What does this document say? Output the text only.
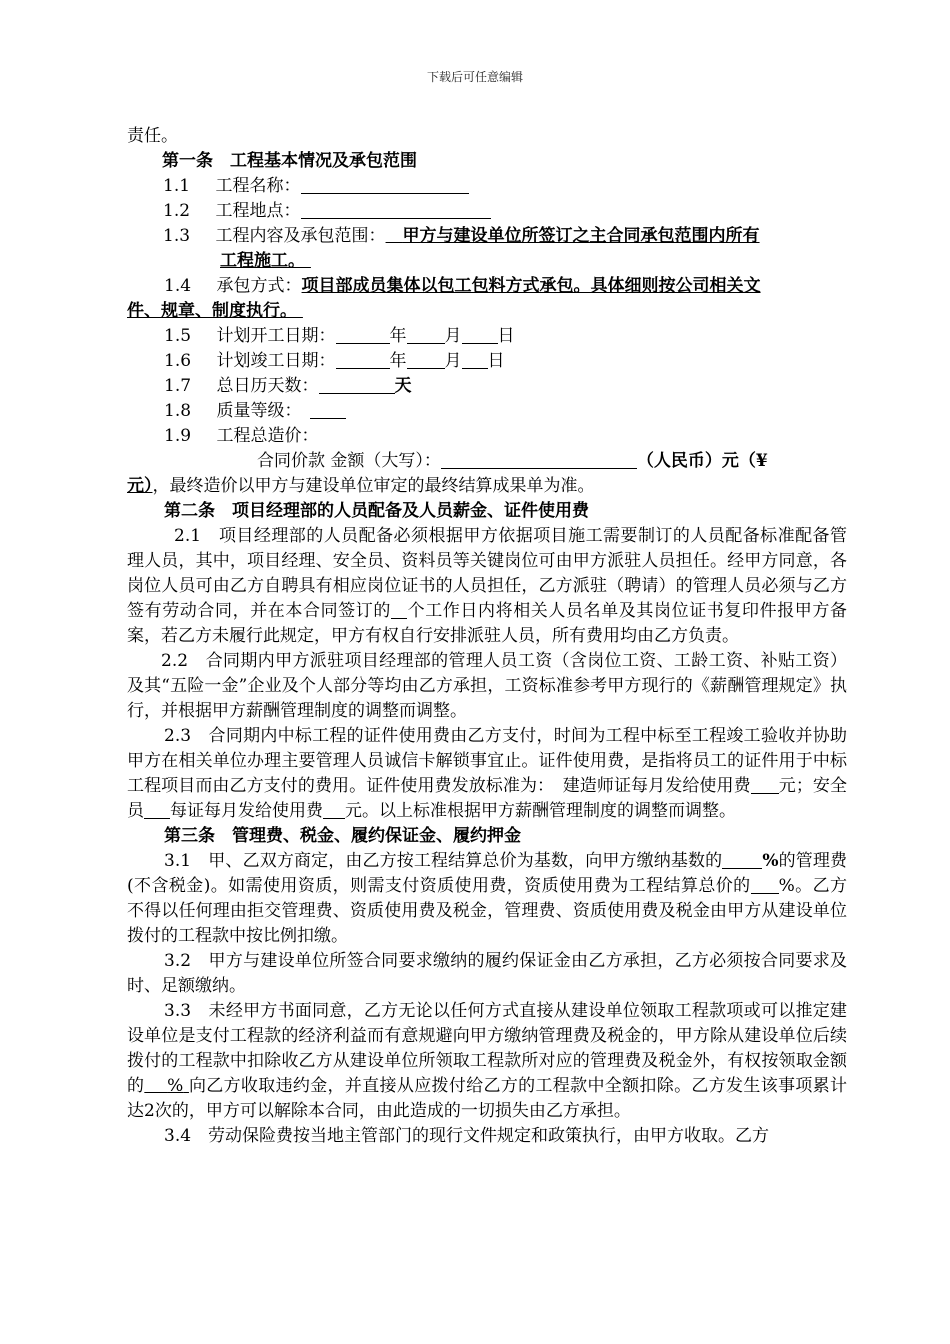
下载后可任意编辑
责任。
第一条　工程基本情况及承包范围
1.1   工程名称：
1.2   工程地点：
1.3   工程内容及承包范围：  甲方与建设单位所签订之主合同承包范围内所有
工程施工。
1.4   承包方式：项目部成员集体以包工包料方式承包。具体细则按公司相关文
件、规章、制度执行。
1.5   计划开工日期：	年 月 日
1.6   计划竣工日期：	年 月 日
1.7   总日历天数：	天
1.8   质量等级： 
1.9   工程总造价：
合同价款 金额（大写）：	（人民币）元（¥
元），最终造价以甲方与建设单位审定的最终结算成果单为准。
第二条　项目经理部的人员配备及人员薪金、证件使用费
2.1　项目经理部的人员配备必须根据甲方依据项目施工需要制订的人员配备标准配备管理人员，其中，项目经理、安全员、资料员等关键岗位可由甲方派驻人员担任。经甲方同意，各岗位人员可由乙方自聘具有相应岗位证书的人员担任，乙方派驻（聘请）的管理人员必须与乙方签有劳动合同，并在本合同签订的 个工作日内将相关人员名单及其岗位证书复印件报甲方备案，若乙方未履行此规定，甲方有权自行安排派驻人员，所有费用均由乙方负责。
2.2　合同期内甲方派驻项目经理部的管理人员工资（含岗位工资、工龄工资、补贴工资）及其“五险一金”企业及个人部分等均由乙方承担，工资标准参考甲方现行的《薪酬管理规定》执行，并根据甲方薪酬管理制度的调整而调整。
2.3　合同期内中标工程的证件使用费由乙方支付，时间为工程中标至工程竣工验收并协助甲方在相关单位办理主要管理人员诚信卡解锁事宜止。证件使用费，是指将员工的证件用于中标工程项目而由乙方支付的费用。证件使用费发放标准为：　建造师证每月发给使用费 元；安全员 每证每月发给使用费 元。以上标准根据甲方薪酬管理制度的调整而调整。
第三条　管理费、税金、履约保证金、履约押金
3.1　甲、乙双方商定，由乙方按工程结算总价为基数，向甲方缴纳基数的 %的管理费(不含税金)。如需使用资质，则需支付资质使用费，资质使用费为工程结算总价的 %。乙方不得以任何理由拒交管理费、资质使用费及税金，管理费、资质使用费及税金由甲方从建设单位拨付的工程款中按比例扣缴。
3.2　甲方与建设单位所签合同要求缴纳的履约保证金由乙方承担，乙方必须按合同要求及时、足额缴纳。
3.3　未经甲方书面同意，乙方无论以任何方式直接从建设单位领取工程款项或可以推定建设单位是支付工程款的经济利益而有意规避向甲方缴纳管理费及税金的，甲方除从建设单位后续拨付的工程款中扣除收乙方从建设单位所领取工程款所对应的管理费及税金外，有权按领取金额的  % 向乙方收取违约金，并直接从应拨付给乙方的工程款中全额扣除。乙方发生该事项累计达2次的，甲方可以解除本合同，由此造成的一切损失由乙方承担。
3.4　劳动保险费按当地主管部门的现行文件规定和政策执行，由甲方收取。乙方
